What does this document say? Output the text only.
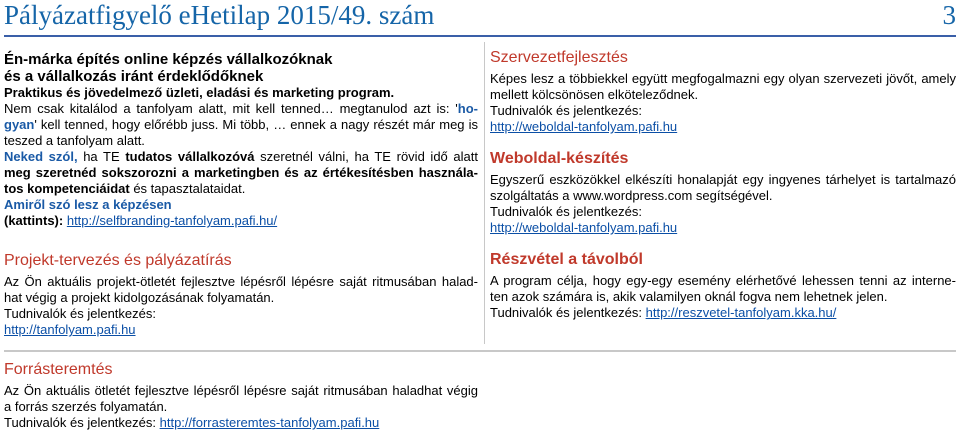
Pályázatfigyelő eHetilap 2015/49. szám	3

Én-márka építés online képzés vállalkozóknak

és a vállalkozás iránt érdeklődőknek

Praktikus és jövedelmező üzleti, eladási és marketing program.

Nem csak kitalálod a tanfolyam alatt, mit kell tenned… megtanulod azt is: 'ho-gyan' kell tenned, hogy előrébb juss. Mi több, … ennek a nagy részét már meg is teszed a tanfolyam alatt.

Neked szól, ha TE tudatos vállalkozóvá szeretnél válni, ha TE rövid idő alatt meg szeretnéd sokszorozni a marketingben és az értékesítésben használa-tos kompetenciáidat és tapasztalataidat.

Amiről szó lesz a képzésen

(kattints): http://selfbranding-tanfolyam.pafi.hu/

Projekt-tervezés és pályázatírás

Az Ön aktuális projekt-ötletét fejlesztve lépésről lépésre saját ritmusában halad-hat végig a projekt kidolgozásának folyamatán.

Tudnivalók és jelentkezés:

http://tanfolyam.pafi.hu

Szervezetfejlesztés

Képes lesz a többiekkel együtt megfogalmazni egy olyan szervezeti jövőt, amely mellett kölcsönösen elköteleződnek.

Tudnivalók és jelentkezés:

http://weboldal-tanfolyam.pafi.hu

Weboldal-készítés

Egyszerű eszközökkel elkészíti honalapját egy ingyenes tárhelyet is tartalmazó szolgáltatás a www.wordpress.com segítségével.

Tudnivalók és jelentkezés:

http://weboldal-tanfolyam.pafi.hu

Részvétel a távolból

A program célja, hogy egy-egy esemény elérhetővé lehessen tenni az interne-ten azok számára is, akik valamilyen oknál fogva nem lehetnek jelen.

Tudnivalók és jelentkezés: http://reszvetel-tanfolyam.kka.hu/

Forrásteremtés

Az Ön aktuális ötletét fejlesztve lépésről lépésre saját ritmusában haladhat végig a forrás szerzés folyamatán.

Tudnivalók és jelentkezés: http://forrasteremtes-tanfolyam.pafi.hu
